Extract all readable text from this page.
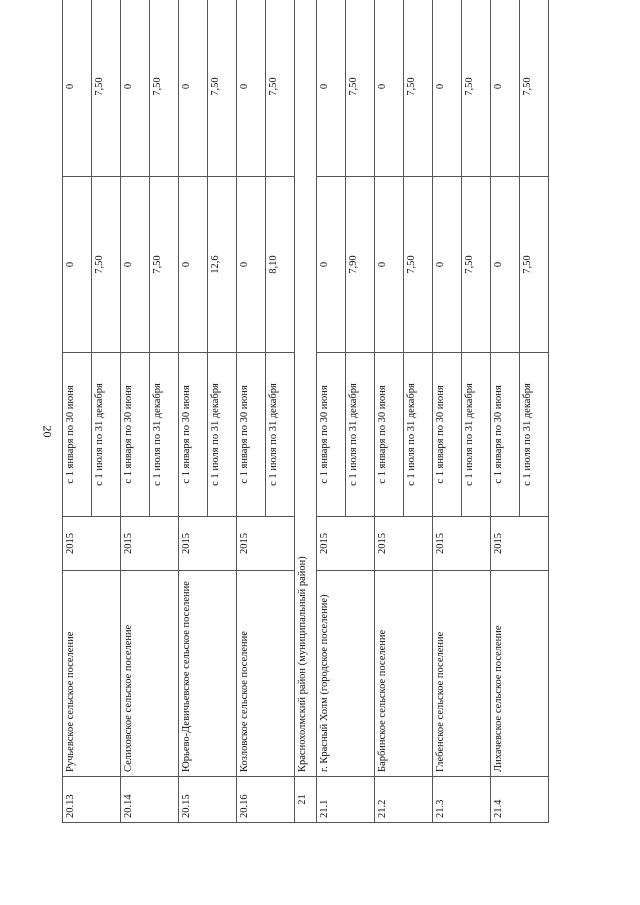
20
20.13	Ручьевское сельское поселение	2015	с 1 января по 30 июня	0	0
			с 1 июля по 31 декабря	7,50	7,50
20.14	Селиховское сельское поселение	2015	с 1 января по 30 июня	0	0
			с 1 июля по 31 декабря	7,50	7,50
20.15	Юрьево-Девичьевское сельское поселение	2015	с 1 января по 30 июня	0	0
			с 1 июля по 31 декабря	12,6	7,50
20.16	Козловское сельское поселение	2015	с 1 января по 30 июня	0	0
			с 1 июля по 31 декабря	8,10	7,50
21	Краснохолмский район (муниципальный район)				
21.1	г. Красный Холм (городское поселение)	2015	с 1 января по 30 июня	0	0
			с 1 июля по 31 декабря	7,90	7,50
21.2	Барбинское сельское поселение	2015	с 1 января по 30 июня	0	0
			с 1 июля по 31 декабря	7,50	7,50
21.3	Глебенское сельское поселение	2015	с 1 января по 30 июня	0	0
			с 1 июля по 31 декабря	7,50	7,50
21.4	Лихачевское сельское поселение	2015	с 1 января по 30 июня	0	0
			с 1 июля по 31 декабря	7,50	7,50
